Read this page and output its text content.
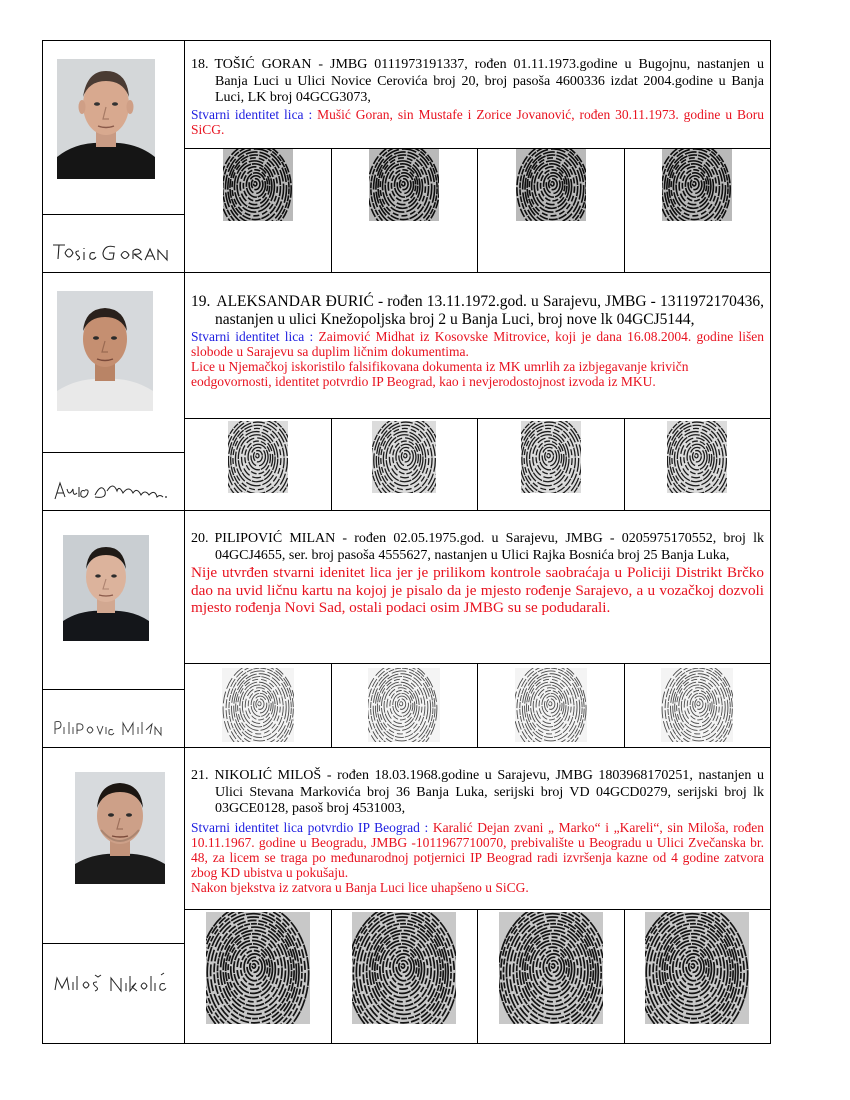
18. TOŠIĆ GORAN - JMBG 0111973191337, rođen 01.11.1973.godine u Bugojnu, nastanjen u Banja Luci u Ulici Novice Cerovića broj 20, broj pasoša 4600336 izdat 2004.godine u Banja Luci, LK broj 04GCG3073,
Stvarni identitet lica : Mušić Goran, sin Mustafe i Zorice Jovanović, rođen 30.11.1973. godine u Boru SiCG.
19. ALEKSANDAR ĐURIĆ - rođen 13.11.1972.god. u Sarajevu, JMBG - 1311972170436, nastanjen u ulici Knežopoljska broj 2 u Banja Luci, broj nove lk 04GCJ5144,
Stvarni identitet lica : Zaimović Midhat iz Kosovske Mitrovice, koji je dana 16.08.2004. godine lišen slobode u Sarajevu sa duplim ličnim dokumentima.
Lice u Njemačkoj iskoristilo falsifikovana dokumenta iz MK umrlih za izbjegavanje krivičn eodgovornosti, identitet potvrdio IP Beograd, kao i nevjerodostojnost izvoda iz MKU.
20. PILIPOVIĆ MILAN - rođen 02.05.1975.god. u Sarajevu, JMBG - 0205975170552, broj lk 04GCJ4655, ser. broj pasoša 4555627, nastanjen u Ulici Rajka Bosnića broj 25 Banja Luka,
Nije utvrđen stvarni idenitet lica jer je prilikom kontrole saobraćaja u Policiji Distrikt Brčko dao na uvid ličnu kartu na kojoj je pisalo da je mjesto rođenje Sarajevo, a u vozačkoj dozvoli mjesto rođenja Novi Sad, ostali podaci osim JMBG su se podudarali.
21. NIKOLIĆ MILOŠ - rođen 18.03.1968.godine u Sarajevu, JMBG 1803968170251, nastanjen u Ulici Stevana Markovića broj 36 Banja Luka, serijski broj VD 04GCD0279, serijski broj lk 03GCE0128, pasoš broj 4531003,
Stvarni identitet lica potvrdio IP Beograd : Karalić Dejan zvani „ Marko“ i „Kareli“, sin Miloša, rođen 10.11.1967. godine u Beogradu, JMBG -1011967710070, prebivalište u Beogradu u Ulici Zvečanska br. 48, za licem se traga po međunarodnoj potjernici IP Beograd radi izvršenja kazne od 4 godine zatvora zbog KD ubistva u pokušaju.
Nakon bjekstva iz zatvora u Banja Luci lice uhapšeno u SiCG.
